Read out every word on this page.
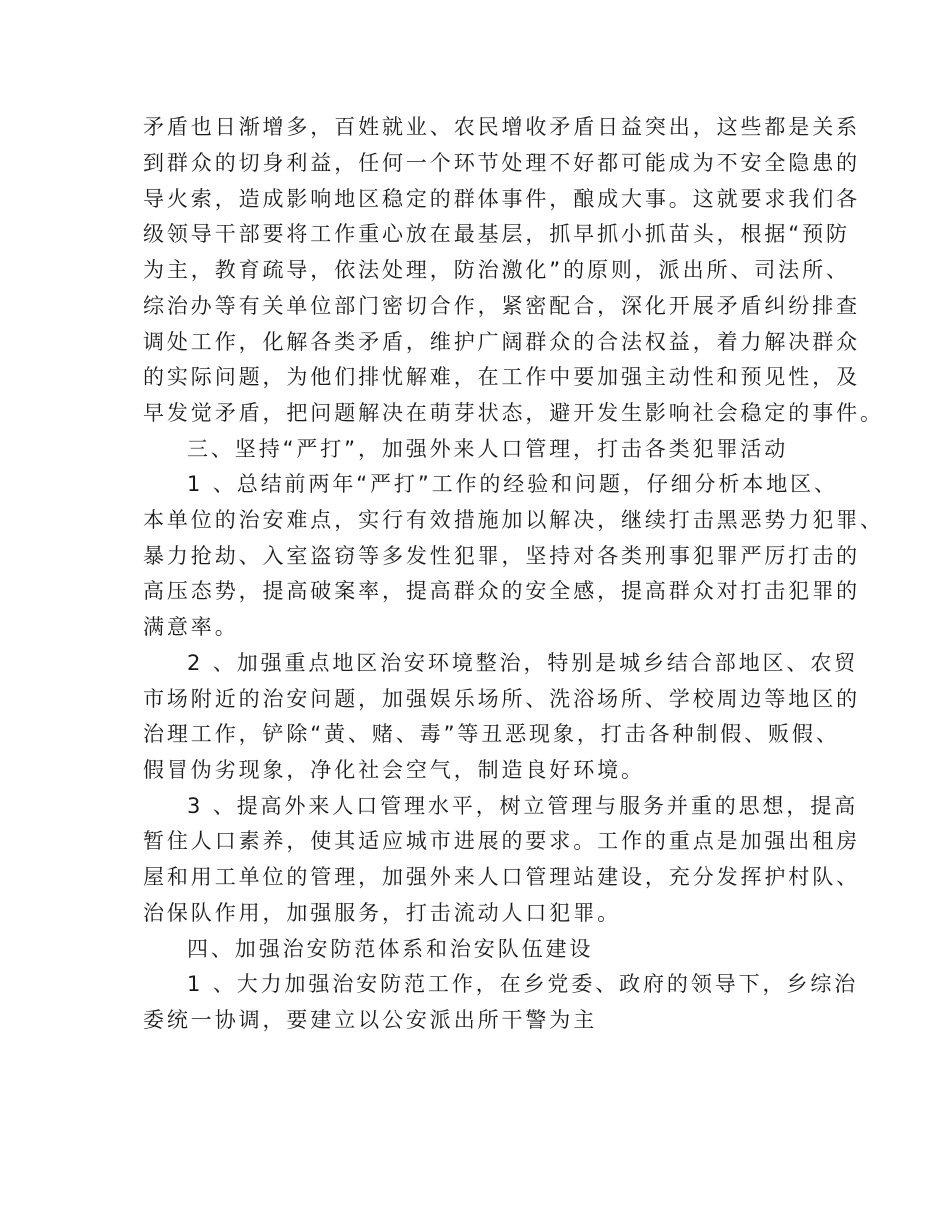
矛盾也日渐增多，百姓就业、农民增收矛盾日益突出，这些都是关系
到群众的切身利益，任何一个环节处理不好都可能成为不安全隐患的
导火索，造成影响地区稳定的群体事件，酿成大事。这就要求我们各
级领导干部要将工作重心放在最基层，抓早抓小抓苗头，根据“预防
为主，教育疏导，依法处理，防治激化”的原则，派出所、司法所、
综治办等有关单位部门密切合作，紧密配合，深化开展矛盾纠纷排查
调处工作，化解各类矛盾，维护广阔群众的合法权益，着力解决群众
的实际问题，为他们排忧解难，在工作中要加强主动性和预见性，及
早发觉矛盾，把问题解决在萌芽状态，避开发生影响社会稳定的事件。
三、坚持“严打”，加强外来人口管理，打击各类犯罪活动
1 、总结前两年“严打”工作的经验和问题，仔细分析本地区、
本单位的治安难点，实行有效措施加以解决，继续打击黑恶势力犯罪、
暴力抢劫、入室盗窃等多发性犯罪，坚持对各类刑事犯罪严厉打击的
高压态势，提高破案率，提高群众的安全感，提高群众对打击犯罪的
满意率。
2 、加强重点地区治安环境整治，特别是城乡结合部地区、农贸
市场附近的治安问题，加强娱乐场所、洗浴场所、学校周边等地区的
治理工作，铲除“黄、赌、毒”等丑恶现象，打击各种制假、贩假、
假冒伪劣现象，净化社会空气，制造良好环境。
3 、提高外来人口管理水平，树立管理与服务并重的思想，提高
暂住人口素养，使其适应城市进展的要求。工作的重点是加强出租房
屋和用工单位的管理，加强外来人口管理站建设，充分发挥护村队、
治保队作用，加强服务，打击流动人口犯罪。
四、加强治安防范体系和治安队伍建设
1 、大力加强治安防范工作，在乡党委、政府的领导下，乡综治
委统一协调，要建立以公安派出所干警为主
